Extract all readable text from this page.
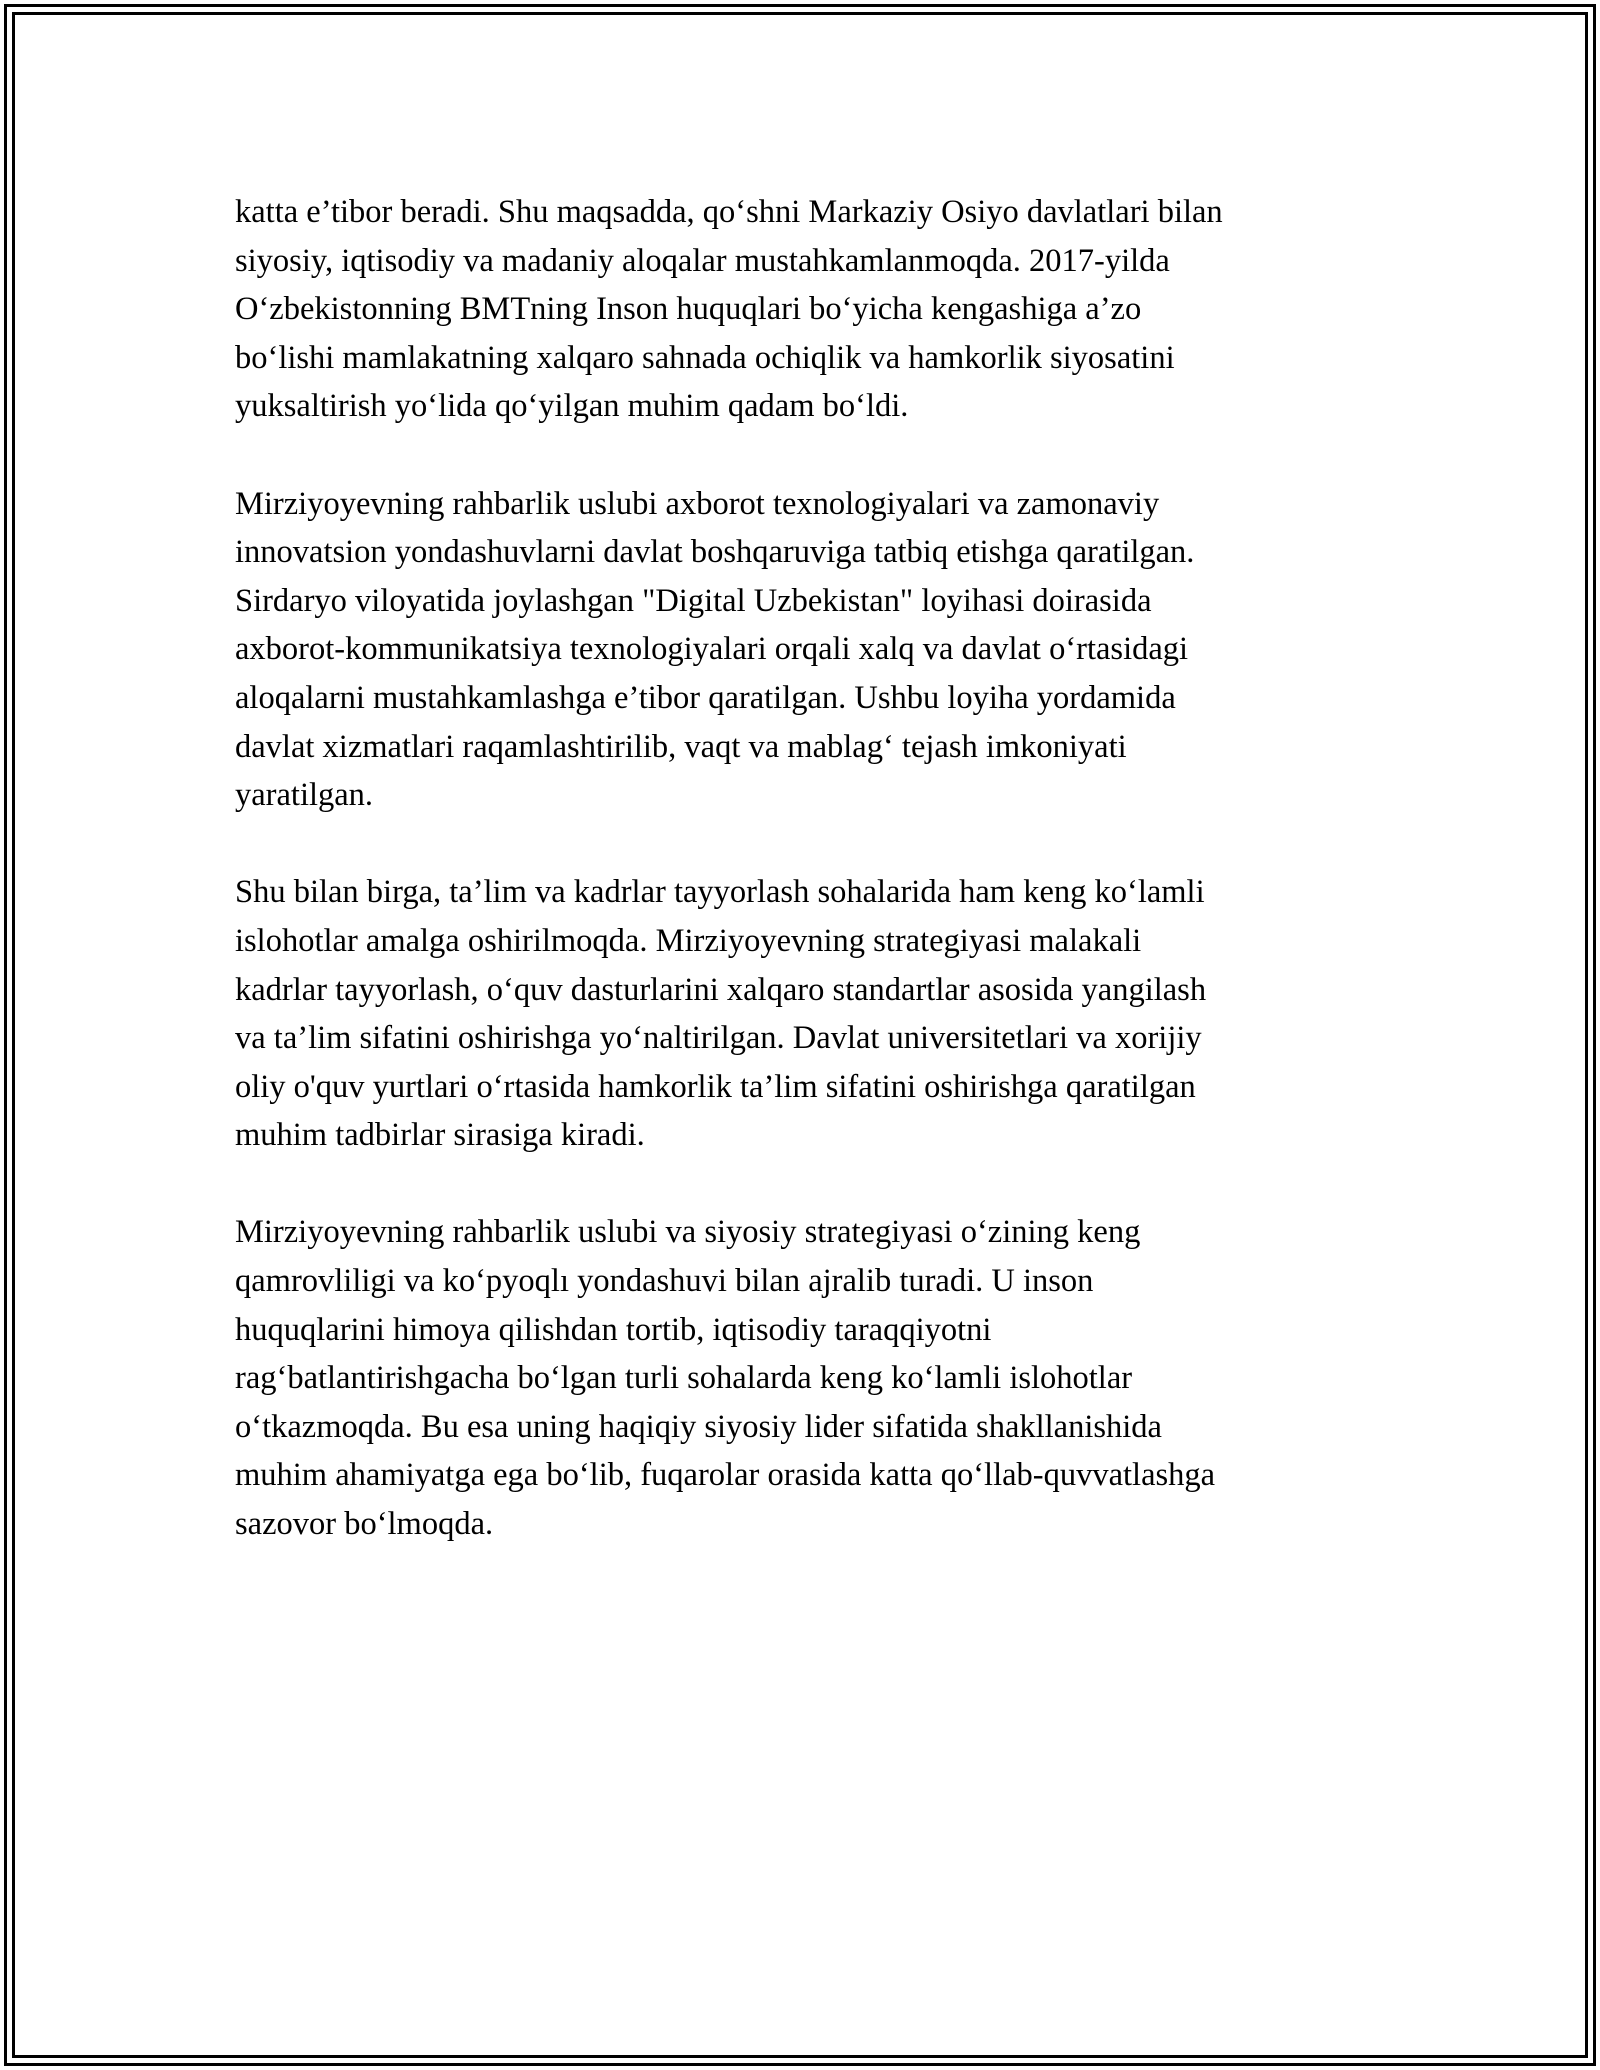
katta e’tibor beradi. Shu maqsadda, qo‘shni Markaziy Osiyo davlatlari bilan
siyosiy, iqtisodiy va madaniy aloqalar mustahkamlanmoqda. 2017-yilda
O‘zbekistonning BMTning Inson huquqlari bo‘yicha kengashiga a’zo
bo‘lishi mamlakatning xalqaro sahnada ochiqlik va hamkorlik siyosatini
yuksaltirish yo‘lida qo‘yilgan muhim qadam bo‘ldi.

Mirziyoyevning rahbarlik uslubi axborot texnologiyalari va zamonaviy
innovatsion yondashuvlarni davlat boshqaruviga tatbiq etishga qaratilgan.
Sirdaryo viloyatida joylashgan "Digital Uzbekistan" loyihasi doirasida
axborot-kommunikatsiya texnologiyalari orqali xalq va davlat o‘rtasidagi
aloqalarni mustahkamlashga e’tibor qaratilgan. Ushbu loyiha yordamida
davlat xizmatlari raqamlashtirilib, vaqt va mablag‘ tejash imkoniyati
yaratilgan.

Shu bilan birga, ta’lim va kadrlar tayyorlash sohalarida ham keng ko‘lamli
islohotlar amalga oshirilmoqda. Mirziyoyevning strategiyasi malakali
kadrlar tayyorlash, o‘quv dasturlarini xalqaro standartlar asosida yangilash
va ta’lim sifatini oshirishga yo‘naltirilgan. Davlat universitetlari va xorijiy
oliy o'quv yurtlari o‘rtasida hamkorlik ta’lim sifatini oshirishga qaratilgan
muhim tadbirlar sirasiga kiradi.

Mirziyoyevning rahbarlik uslubi va siyosiy strategiyasi o‘zining keng
qamrovliligi va ko‘pyoqlı yondashuvi bilan ajralib turadi. U inson
huquqlarini himoya qilishdan tortib, iqtisodiy taraqqiyotni
rag‘batlantirishgacha bo‘lgan turli sohalarda keng ko‘lamli islohotlar
o‘tkazmoqda. Bu esa uning haqiqiy siyosiy lider sifatida shakllanishida
muhim ahamiyatga ega bo‘lib, fuqarolar orasida katta qo‘llab-quvvatlashga
sazovor bo‘lmoqda.
